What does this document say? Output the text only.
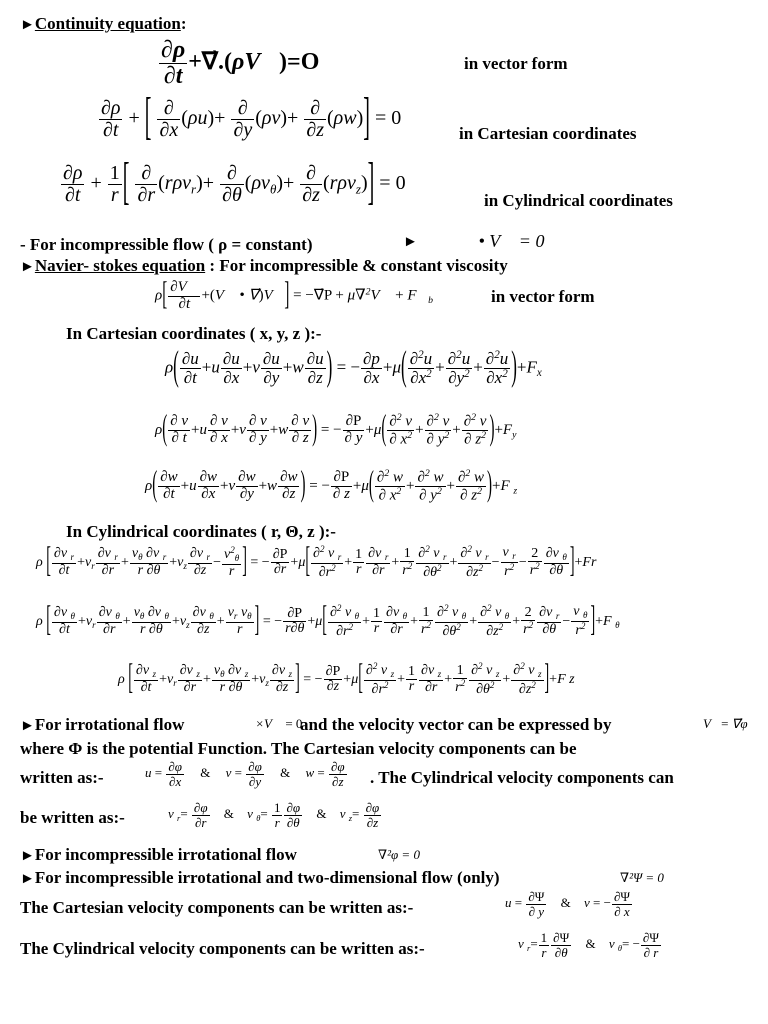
►Continuity equation:
$\frac{\partial\rho}{\partial t}$ +∇⃗.(ρV⃗)=O	in vector form
$\frac{\partial\rho}{\partial t}$ + [ $\frac{\partial}{\partial x} (\rho u)+ \frac{\partial}{\partial y} (\rho v)+ \frac{\partial}{\partial z} (\rho w)] = 0$
in Cartesian coordinates
$\frac{\partial\rho}{\partial t} + \frac{1}{r}$ [ $\frac{\partial}{\partial r} (r\rho v_r)+ \frac{\partial}{\partial\theta} (\rho v_\theta)+ \frac{\partial}{\partial z} (r\rho v_z)] = 0$
in Cylindrical coordinates
- For incompressible flow ( ρ = constant)	► ∇⃗ • V⃗ = 0
►Navier- stokes equation : For incompressible & constant viscosity
$\rho[ \frac{\partial V⃗}{\partial t}$ +(V⃗ • ∇⃗)V⃗] = −∇⃗P + μ∇$^2$V⃗ + $F⃗_b$	in vector form
In Cartesian coordinates ( x, y, z ):-
$\rho( \frac{\partial u}{\partial t} +u \frac{\partial u}{\partial x} +v \frac{\partial u}{\partial y} +w \frac{\partial u}{\partial z}$ ) = − $\frac{\partial p}{\partial x} +\mu( \frac{\partial^2u}{\partial x^2} + \frac{\partial^2u}{\partial y^2} + \frac{\partial^2u}{\partial x^2} )+F_x$
$\rho( \frac{\partial v}{\partial t} +u \frac{\partial v}{\partial x} +v \frac{\partial v}{\partial y} +w \frac{\partial v}{\partial z}$ ) = − $\frac{\partial P}{\partial y} +\mu( \frac{\partial^2 v}{\partial x^2} + \frac{\partial^2 v}{\partial y^2} + \frac{\partial^2 v}{\partial z^2} )+F_y$
$\rho( \frac{\partial w}{\partial t} +u \frac{\partial w}{\partial x} +v \frac{\partial w}{\partial y} +w \frac{\partial w}{\partial z}$ ) = − $\frac{\partial P}{\partial z} +\mu( \frac{\partial^2 w}{\partial x^2} + \frac{\partial^2 w}{\partial y^2} + \frac{\partial^2 w}{\partial z^2} )+F$ $_z$
In Cylindrical coordinates ( r, Θ, z ):-
ρ [ $\frac{\partial v _r}{\partial t} +v_r \frac{\partial v _r}{\partial r} + \frac{v_\theta \partial v _r}{r \partial\theta} +v_z \frac{\partial v _r}{\partial z} - \frac{v^2_\theta}{r}$ ] = − $\frac{\partial P}{\partial r} +\mu[ \frac{\partial^2 v _r}{\partial r^2} + \frac{1}{r} \frac{\partial v _r}{\partial r} + \frac{1}{r^2} \frac{\partial^2 v _r}{\partial\theta^2} + \frac{\partial^2 v _r}{\partial z^2} - \frac{v _r}{r^2} - \frac{2}{r^2} \frac{\partial v _\theta}{\partial\theta} ]+Fr$
ρ [ $\frac{\partial v _\theta}{\partial t} +v_r \frac{\partial v _\theta}{\partial r} + \frac{v_\theta \partial v _\theta}{r \partial\theta} +v_z \frac{\partial v _\theta}{\partial z} + \frac{v_r v_\theta}{r}$ ] = − $\frac{\partial P}{r\partial\theta} +\mu[ \frac{\partial^2 v _\theta}{\partial r^2} + \frac{1}{r} \frac{\partial v _\theta}{\partial r} + \frac{1}{r^2} \frac{\partial^2 v _\theta}{\partial\theta^2} + \frac{\partial^2 v _\theta}{\partial z^2} + \frac{2}{r^2} \frac{\partial v _r}{\partial\theta} - \frac{v _\theta}{r^2} ]+F$ $_\theta$
ρ [ $\frac{\partial v _z}{\partial t} +v_r \frac{\partial v _z}{\partial r} + \frac{v_\theta \partial v _z}{r \partial\theta} +v_z \frac{\partial v _z}{\partial z}$ ] = − $\frac{\partial P}{\partial z} +\mu[ \frac{\partial^2 v _z}{\partial r^2} + \frac{1}{r} \frac{\partial v _z}{\partial r} + \frac{1}{r^2} \frac{\partial^2 v _z}{\partial\theta^2} + \frac{\partial^2 v _z}{\partial z^2} ]+F$ z
►For irrotational flow	∇⃗×V⃗ = 0
and the velocity vector can be expressed by	V⃗= ∇⃗φ
where Φ is the potential Function. The Cartesian velocity components can be
written as:-	$u = \frac{\partial\varphi}{\partial x}$ & $v = \frac{\partial\varphi}{\partial y}$ & $w = \frac{\partial\varphi}{\partial z}$ . The Cylindrical velocity components can
be written as:-	v $_r= \frac{\partial\varphi}{\partial r}$ & v $_\theta= \frac{1}{r} \frac{\partial\varphi}{\partial\theta}$ & v $_z= \frac{\partial\varphi}{\partial z}$
►For incompressible irrotational flow	∇²φ = 0
►For incompressible irrotational and two-dimensional flow (only)	∇²Ψ = 0
The Cartesian velocity components can be written as:-	$u = \frac{\partial\Psi}{\partial y}$ & v = − $\frac{\partial\Psi}{\partial x}$
The Cylindrical velocity components can be written as:-	v $_r= \frac{1}{r} \frac{\partial\Psi}{\partial\theta}$ & v $_\theta= - \frac{\partial\Psi}{\partial r}$
